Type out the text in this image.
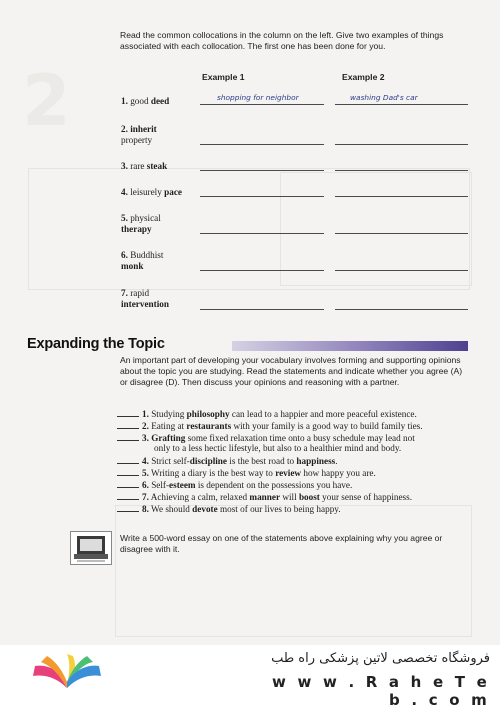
2

Read the common collocations in the column on the left. Give two examples of things associated with each collocation. The first one has been done for you.

Example 1	Example 2
1. good deed	shopping for neighbor	washing Dad's car
2. inherit
property
3. rare steak
4. leisurely pace
5. physical
therapy
6. Buddhist
monk
7. rapid
intervention
Expanding the Topic

An important part of developing your vocabulary involves forming and supporting opinions about the topic you are studying. Read the statements and indicate whether you agree (A) or disagree (D). Then discuss your opinions and reasoning with a partner.

1. Studying philosophy can lead to a happier and more peaceful existence.
2. Eating at restaurants with your family is a good way to build family ties.
3. Grafting some fixed relaxation time onto a busy schedule may lead not
only to a less hectic lifestyle, but also to a healthier mind and body.
4. Strict self-discipline is the best road to happiness.
5. Writing a diary is the best way to review how happy you are.
6. Self-esteem is dependent on the possessions you have.
7. Achieving a calm, relaxed manner will boost your sense of happiness.
8. We should devote most of our lives to being happy.

Write a 500-word essay on one of the statements above explaining why you agree or disagree with it.

فروشگاه تخصصی لاتین پزشکی راه طب
w w w . R a h e T e b . c o m
